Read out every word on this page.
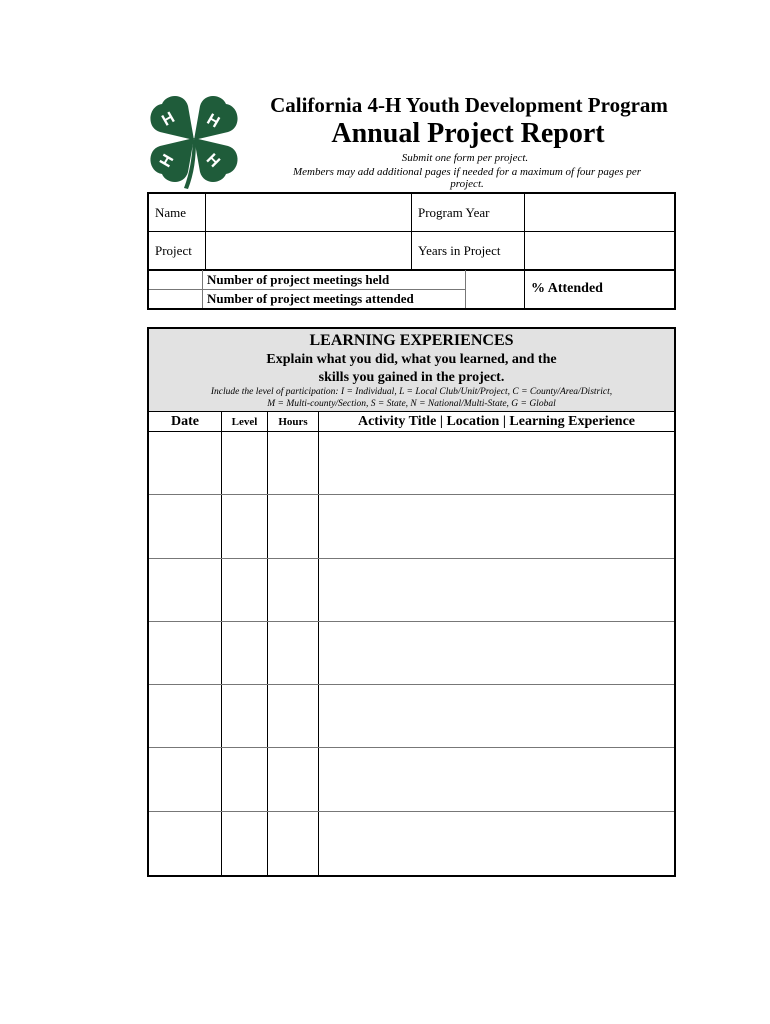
H H
H H
California 4-H Youth Development Program
Annual Project Report
Submit one form per project.
Members may add additional pages if needed for a maximum of four pages per project.
Name	Program Year
Project	Years in Project
Number of project meetings held
Number of project meetings attended
% Attended
LEARNING EXPERIENCES
Explain what you did, what you learned, and the
skills you gained in the project.
Include the level of participation: I = Individual, L = Local Club/Unit/Project, C = County/Area/District,
M = Multi-county/Section, S = State, N = National/Multi-State, G = Global
Date	Level	Hours	Activity Title | Location | Learning Experience
